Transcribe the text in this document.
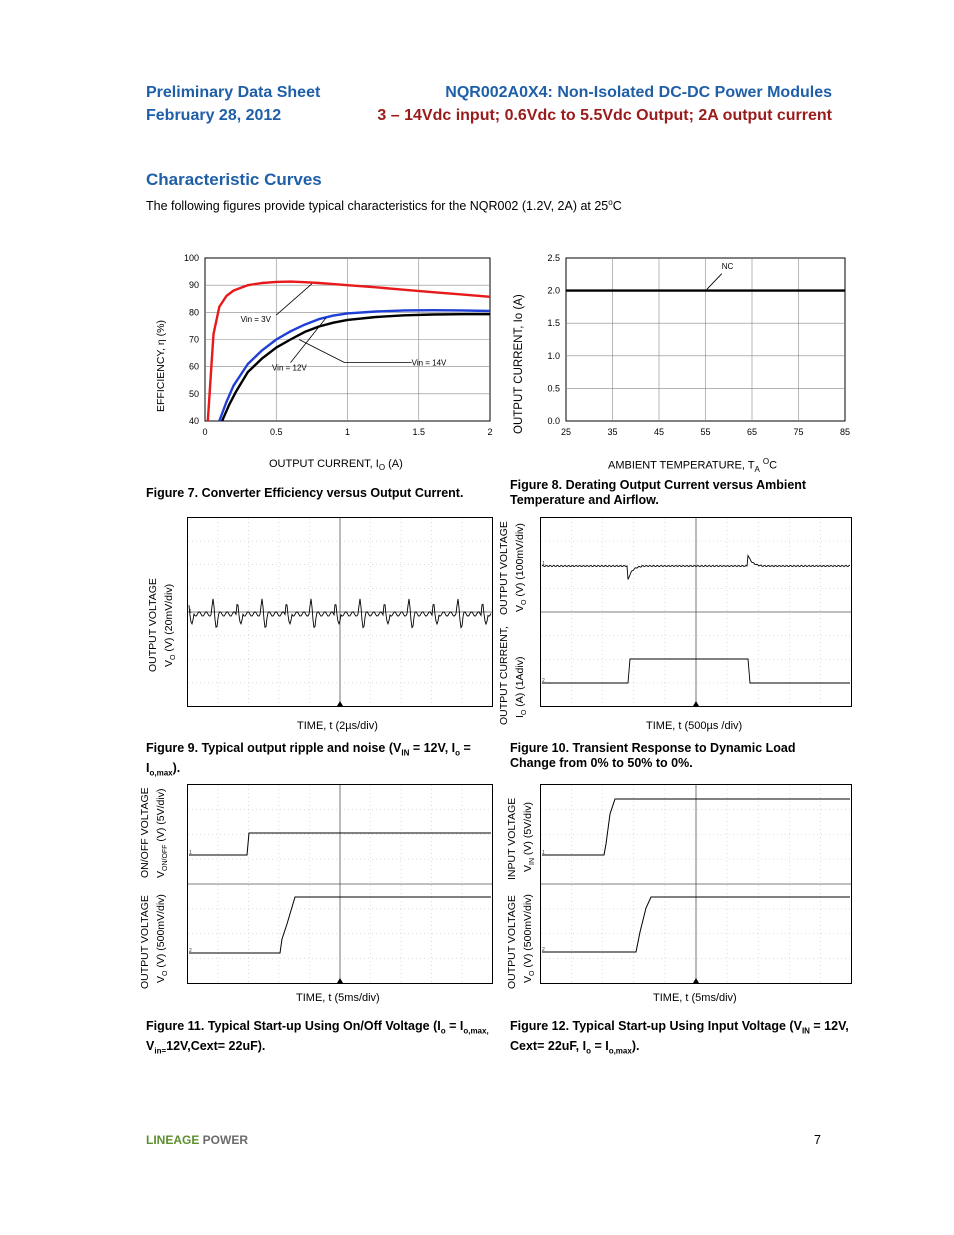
Preliminary Data Sheet
February 28, 2012
NQR002A0X4: Non-Isolated DC-DC Power Modules
3 – 14Vdc input; 0.6Vdc to 5.5Vdc Output; 2A output current
Characteristic Curves
The following figures provide typical characteristics for the NQR002 (1.2V, 2A) at 25$^o$C
40
50
60
70
80
90
100
0	0.5	1	1.5	2
Vin = 3V
Vin = 12V
Vin = 14V
EFFICIENCY, η (%)
OUTPUT CURRENT, $I_O$ (A)
Figure 7. Converter Efficiency versus Output Current.
0.0
0.5
1.0
1.5
2.0
2.5
25	35	45	55	65	75	85
NC
OUTPUT CURRENT, Io (A)
AMBIENT TEMPERATURE, $T_A$ $^O$C
Figure 8. Derating Output Current versus Ambient Temperature and Airflow.
1
OUTPUT VOLTAGE $V_O$ (V) (20mV/div)
TIME, t (2µs/div)
Figure 9. Typical output ripple and noise ($V_{IN} = 12V$, $I_o = I_{o,max}$).
1
2
OUTPUT VOLTAGE $V_O$ (V) (100mV/div)
OUTPUT CURRENT, $I_O$ (A) (1Adiv)
TIME, t (500µs /div)
Figure 10. Transient Response to Dynamic Load Change from 0% to 50% to 0%.
1
2
ON/OFF VOLTAGE $V_{ON/OFF}$ (V) (5V/div)
OUTPUT VOLTAGE $V_O$ (V) (500mV/div)
TIME, t (5ms/div)
Figure 11. Typical Start-up Using On/Off Voltage ($I_o = I_{o,max,}$ $V_{in=}12V,Cext= 22uF$).
1
2
INPUT VOLTAGE $V_{IN}$ (V) (5V/div)
OUTPUT VOLTAGE $V_O$ (V) (500mV/div)
TIME, t (5ms/div)
Figure 12. Typical Start-up Using Input Voltage ($V_{IN} = 12V$, Cext= 22uF, $I_o = I_{o,max}$).
LINEAGE POWER	7
